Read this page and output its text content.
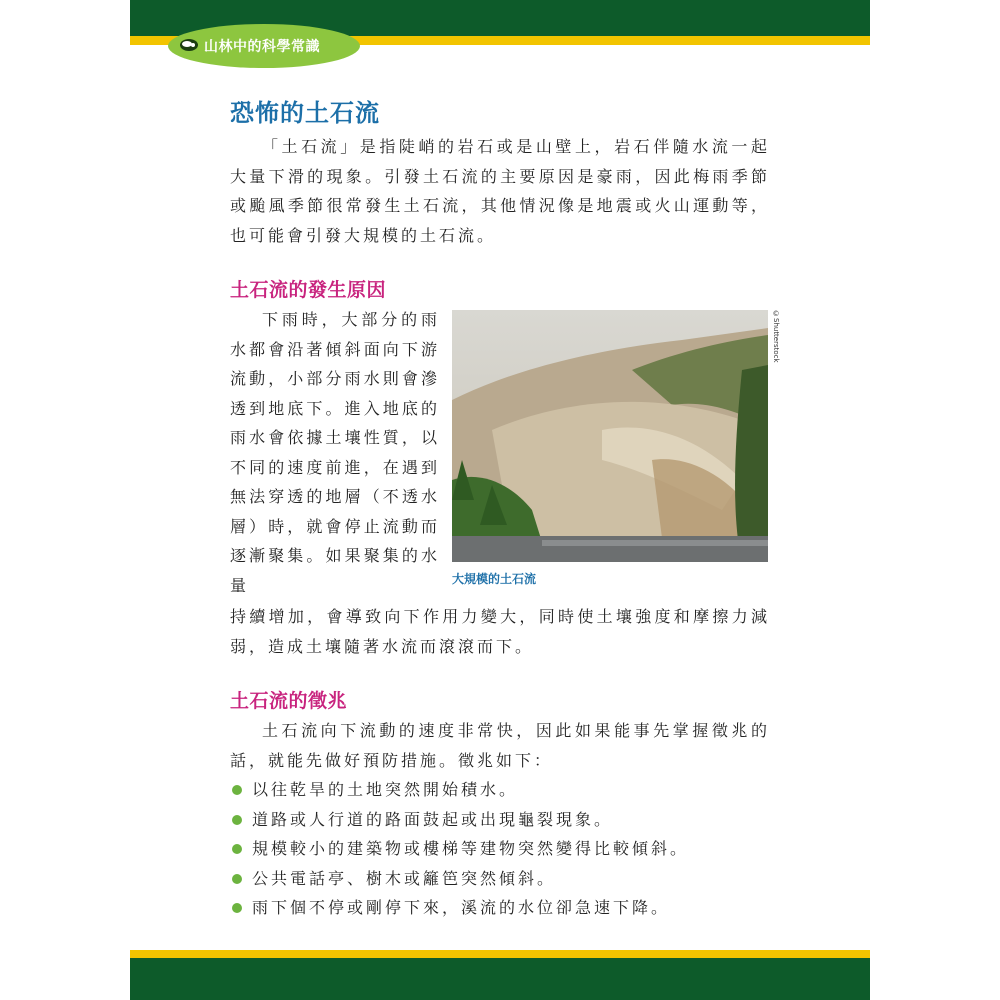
山林中的科學常識
恐怖的土石流

「土石流」是指陡峭的岩石或是山壁上，岩石伴隨水流一起大量下滑的現象。引發土石流的主要原因是豪雨，因此梅雨季節或颱風季節很常發生土石流，其他情況像是地震或火山運動等，也可能會引發大規模的土石流。

土石流的發生原因

下雨時，大部分的雨水都會沿著傾斜面向下游流動，小部分雨水則會滲透到地底下。進入地底的雨水會依據土壤性質，以不同的速度前進，在遇到無法穿透的地層（不透水層）時，就會停止流動而逐漸聚集。如果聚集的水量

©Shutterstock
大規模的土石流

持續增加，會導致向下作用力變大，同時使土壤強度和摩擦力減弱，造成土壤隨著水流而滾滾而下。

土石流的徵兆

土石流向下流動的速度非常快，因此如果能事先掌握徵兆的話，就能先做好預防措施。徵兆如下：

以往乾旱的土地突然開始積水。
道路或人行道的路面鼓起或出現龜裂現象。
規模較小的建築物或樓梯等建物突然變得比較傾斜。
公共電話亭、樹木或籬笆突然傾斜。
雨下個不停或剛停下來，溪流的水位卻急速下降。
